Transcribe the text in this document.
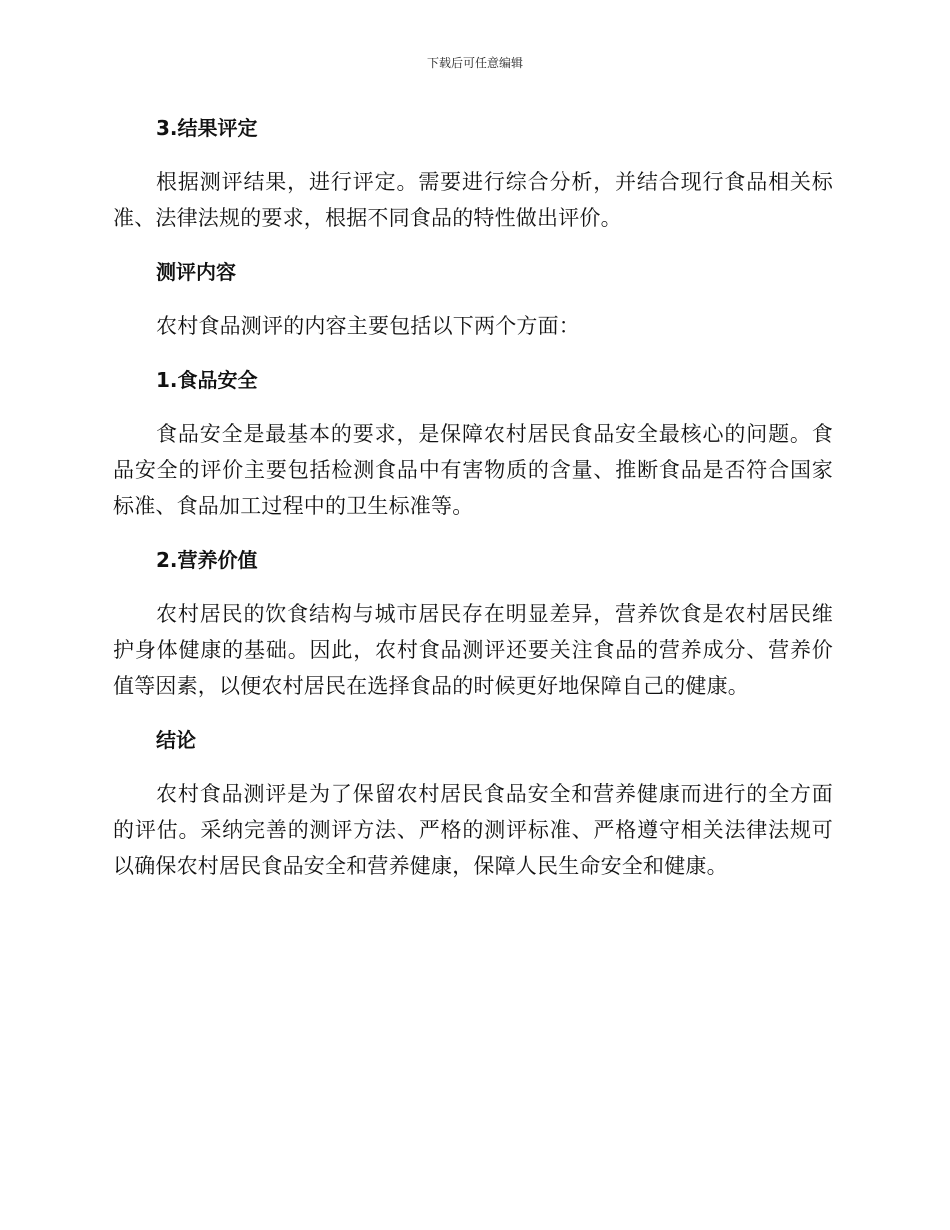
下载后可任意编辑
3.结果评定

根据测评结果，进行评定。需要进行综合分析，并结合现行食品相关标准、法律法规的要求，根据不同食品的特性做出评价。

测评内容

农村食品测评的内容主要包括以下两个方面：

1.食品安全

食品安全是最基本的要求，是保障农村居民食品安全最核心的问题。食品安全的评价主要包括检测食品中有害物质的含量、推断食品是否符合国家标准、食品加工过程中的卫生标准等。

2.营养价值

农村居民的饮食结构与城市居民存在明显差异，营养饮食是农村居民维护身体健康的基础。因此，农村食品测评还要关注食品的营养成分、营养价值等因素，以便农村居民在选择食品的时候更好地保障自己的健康。

结论

农村食品测评是为了保留农村居民食品安全和营养健康而进行的全方面的评估。采纳完善的测评方法、严格的测评标准、严格遵守相关法律法规可以确保农村居民食品安全和营养健康，保障人民生命安全和健康。
